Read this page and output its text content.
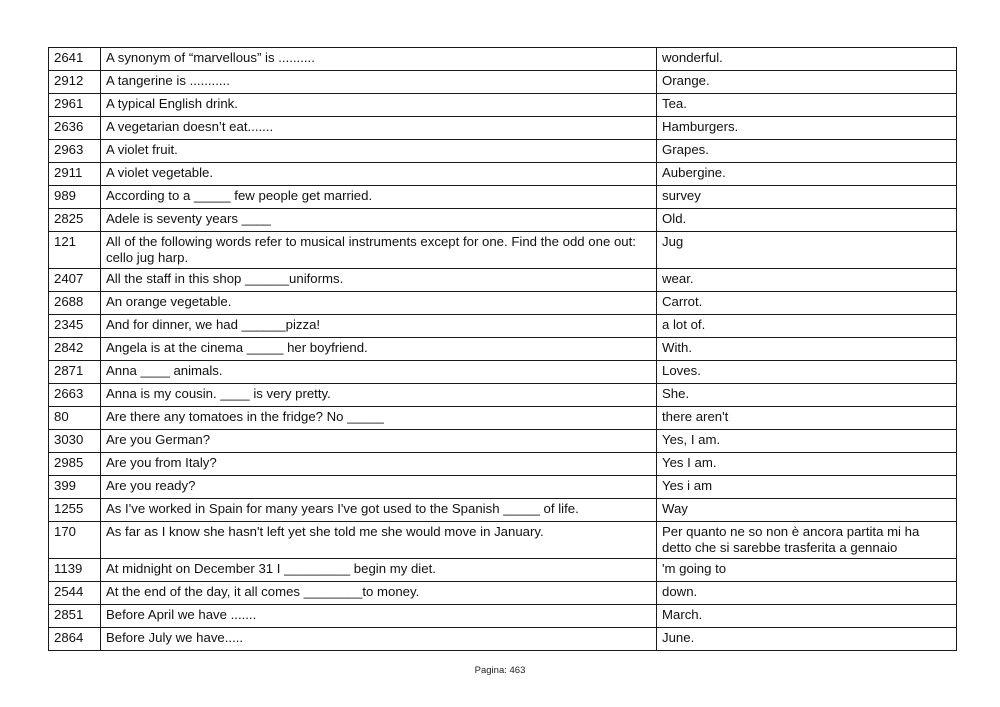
2641	A synonym of “marvellous” is ..........	wonderful.
2912	A tangerine is ...........	Orange.
2961	A typical English drink.	Tea.
2636	A vegetarian doesn’t eat.......	Hamburgers.
2963	A violet fruit.	Grapes.
2911	A violet vegetable.	Aubergine.
989	According to a _____ few people get married.	survey
2825	Adele is seventy years ____	Old.
121	All of the following words refer to musical instruments except for one. Find the odd one out: cello jug harp.	Jug
2407	All the staff in this shop ______uniforms.	wear.
2688	An orange vegetable.	Carrot.
2345	And for dinner, we had ______pizza!	a lot of.
2842	Angela is at the cinema _____ her boyfriend.	With.
2871	Anna ____ animals.	Loves.
2663	Anna is my cousin. ____ is very pretty.	She.
80	Are there any tomatoes in the fridge? No _____	there aren't
3030	Are you German?	Yes, I am.
2985	Are you from Italy?	Yes I am.
399	Are you ready?	Yes i am
1255	As I've worked in Spain for many years I've got used to the Spanish _____ of life.	Way
170	As far as I know she hasn't left yet she told me she would move in January.	Per quanto ne so non è ancora partita mi ha detto che si sarebbe trasferita a gennaio
1139	At midnight on December 31 I _________ begin my diet.	'm going to
2544	At the end of the day, it all comes ________to money.	down.
2851	Before April we have .......	March.
2864	Before July we have.....	June.
Pagina: 463
